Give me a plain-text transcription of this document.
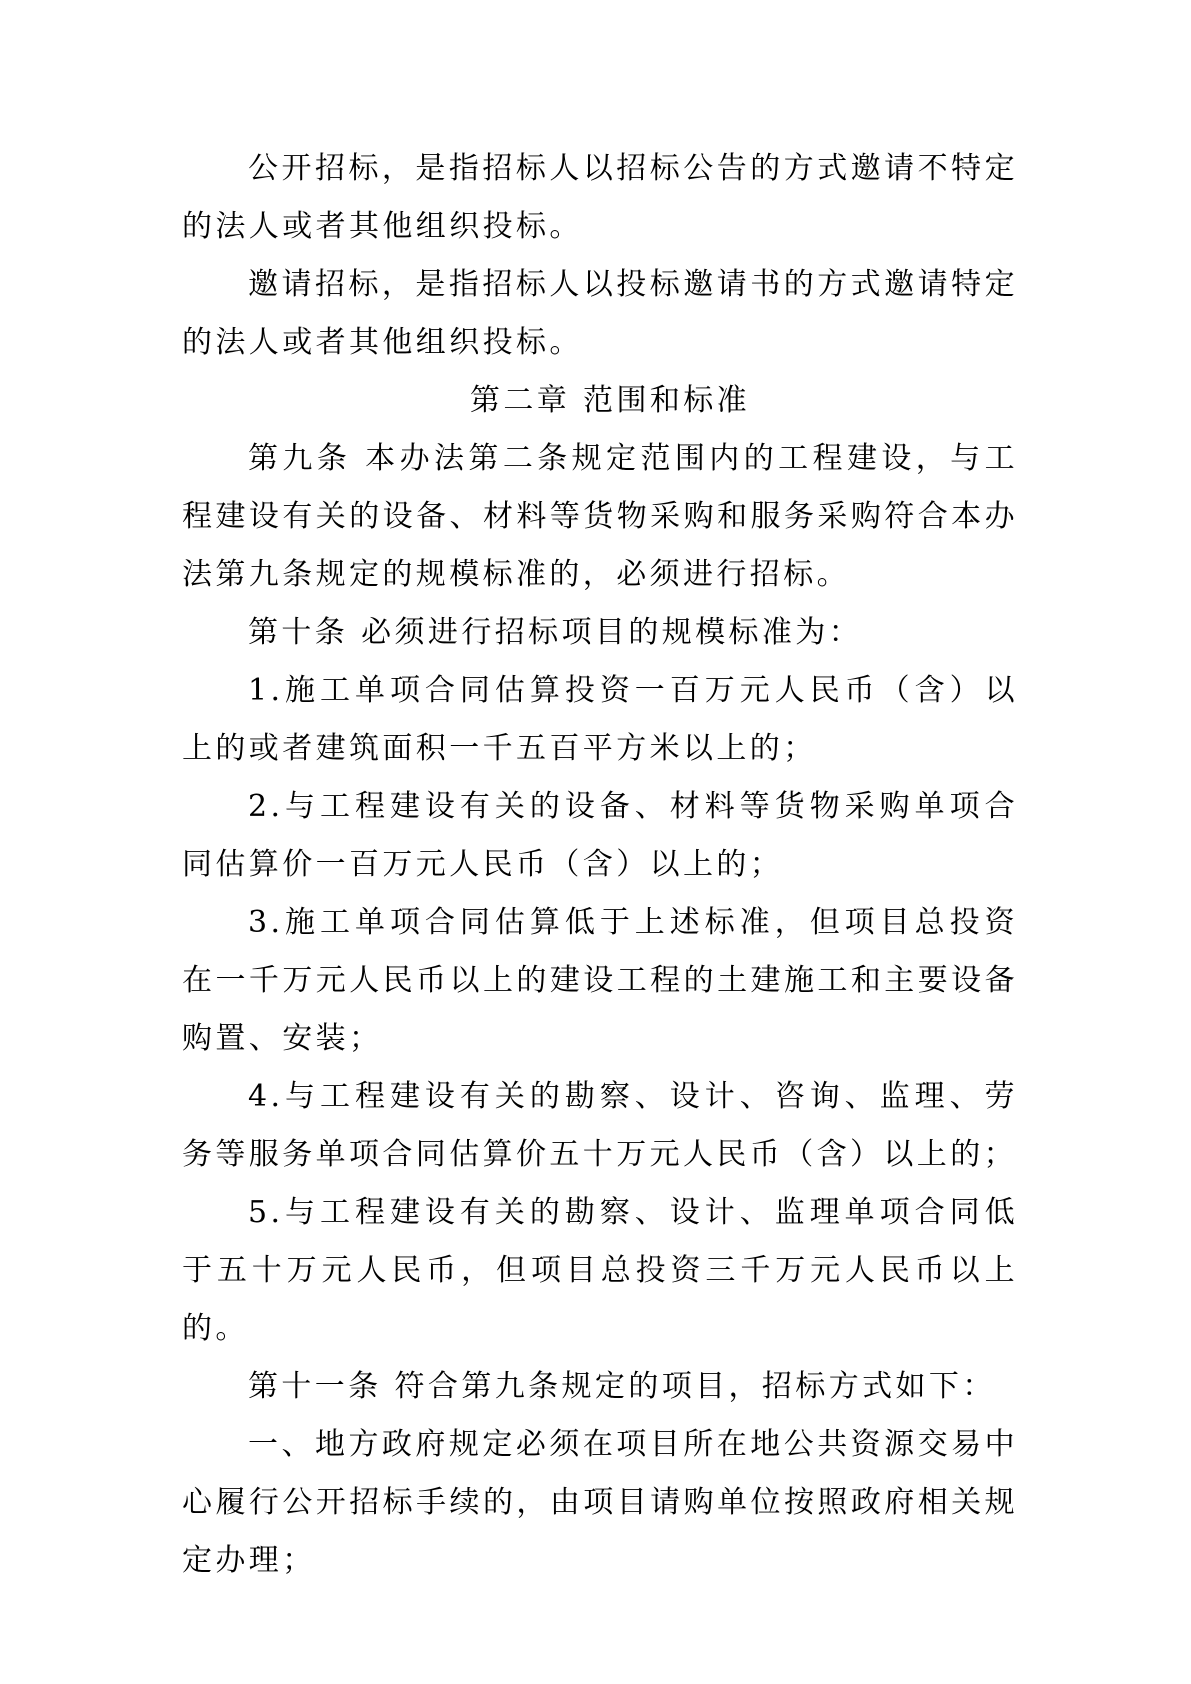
公开招标，是指招标人以招标公告的方式邀请不特定的法人或者其他组织投标。

邀请招标，是指招标人以投标邀请书的方式邀请特定的法人或者其他组织投标。

第二章 范围和标准

第九条 本办法第二条规定范围内的工程建设，与工程建设有关的设备、材料等货物采购和服务采购符合本办法第九条规定的规模标准的，必须进行招标。

第十条 必须进行招标项目的规模标准为：

1.施工单项合同估算投资一百万元人民币（含）以上的或者建筑面积一千五百平方米以上的；

2.与工程建设有关的设备、材料等货物采购单项合同估算价一百万元人民币（含）以上的；

3.施工单项合同估算低于上述标准，但项目总投资在一千万元人民币以上的建设工程的土建施工和主要设备购置、安装；

4.与工程建设有关的勘察、设计、咨询、监理、劳务等服务单项合同估算价五十万元人民币（含）以上的；

5.与工程建设有关的勘察、设计、监理单项合同低于五十万元人民币，但项目总投资三千万元人民币以上的。

第十一条 符合第九条规定的项目，招标方式如下：

一、地方政府规定必须在项目所在地公共资源交易中心履行公开招标手续的，由项目请购单位按照政府相关规定办理；
